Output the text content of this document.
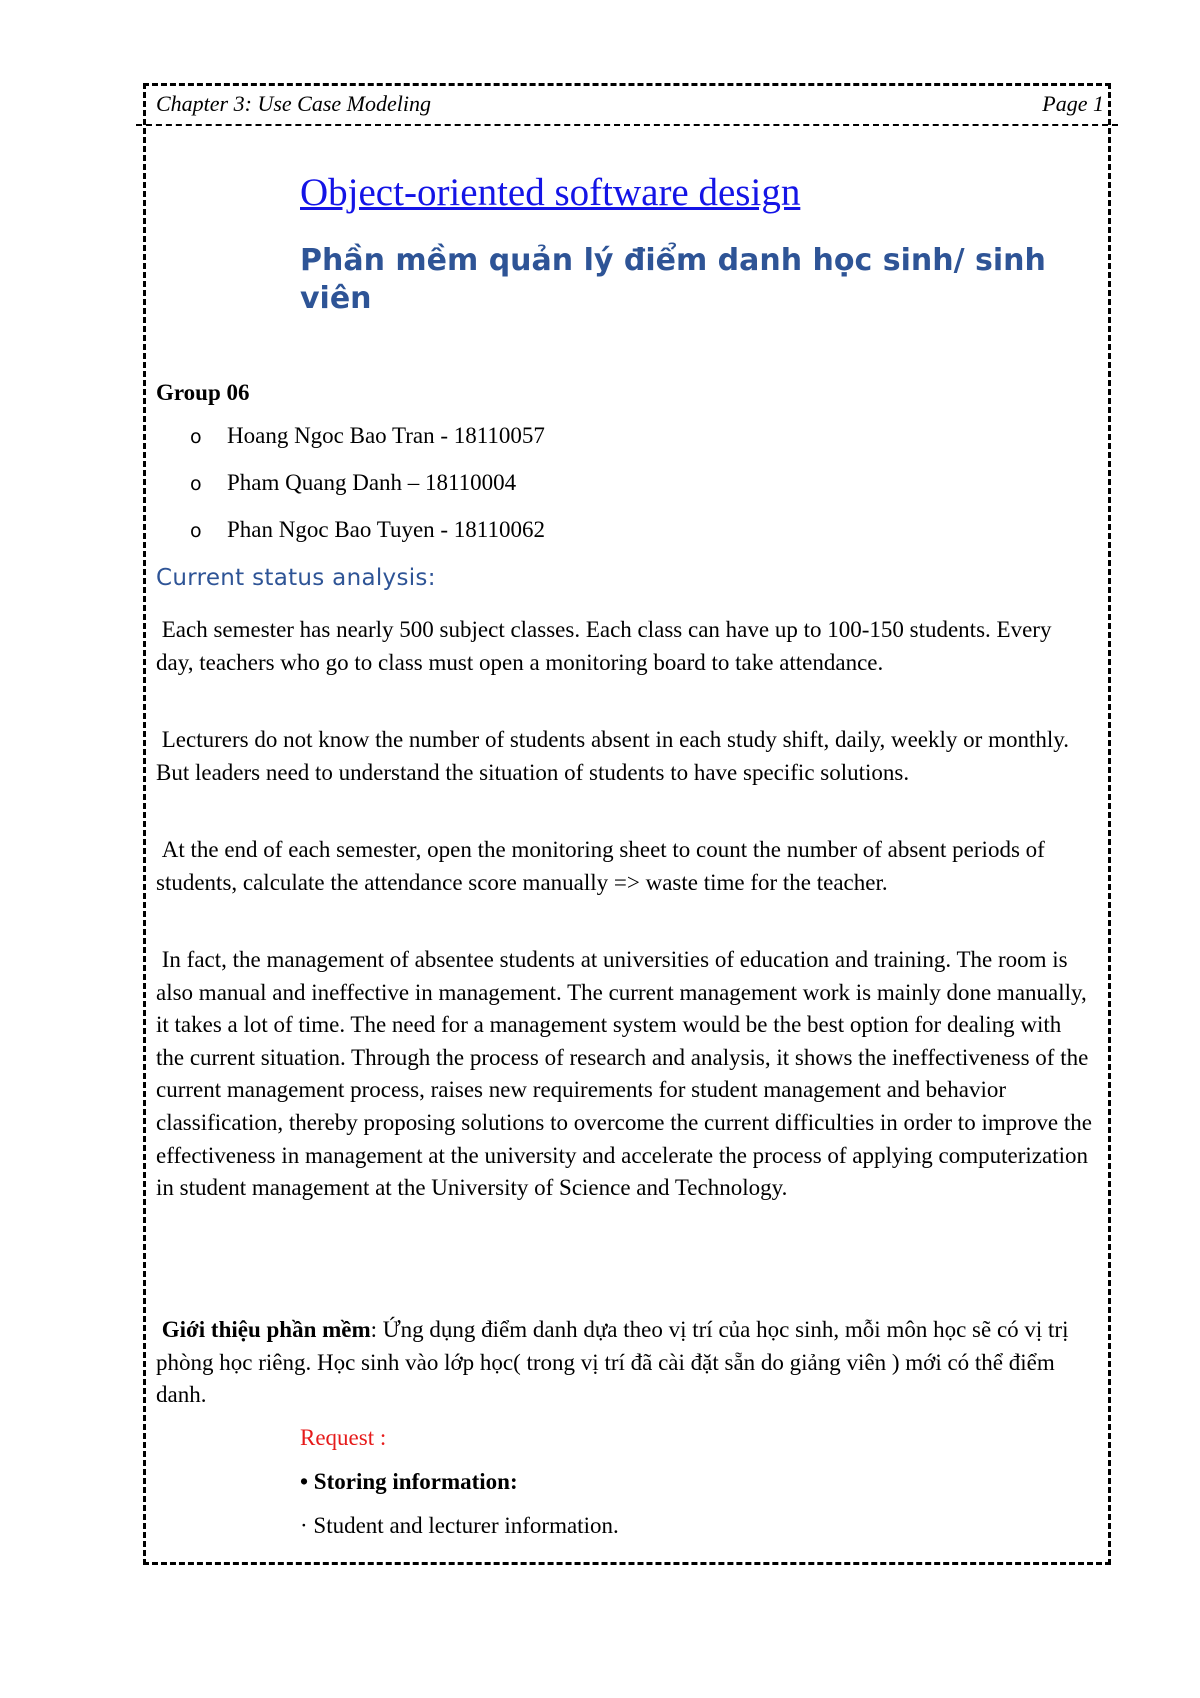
Chapter 3: Use Case Modeling	Page 1
Object-oriented software design
Phần mềm quản lý điểm danh học sinh/ sinh viên
Group 06
o	Hoang Ngoc Bao Tran - 18110057
o	Pham Quang Danh – 18110004
o	Phan Ngoc Bao Tuyen - 18110062
Current status analysis:
Each semester has nearly 500 subject classes. Each class can have up to 100-150 students. Every day, teachers who go to class must open a monitoring board to take attendance.
Lecturers do not know the number of students absent in each study shift, daily, weekly or monthly. But leaders need to understand the situation of students to have specific solutions.
At the end of each semester, open the monitoring sheet to count the number of absent periods of students, calculate the attendance score manually => waste time for the teacher.
In fact, the management of absentee students at universities of education and training. The room is also manual and ineffective in management. The current management work is mainly done manually, it takes a lot of time. The need for a management system would be the best option for dealing with the current situation. Through the process of research and analysis, it shows the ineffectiveness of the current management process, raises new requirements for student management and behavior classification, thereby proposing solutions to overcome the current difficulties in order to improve the effectiveness in management at the university and accelerate the process of applying computerization in student management at the University of Science and Technology.
Giới thiệu phần mềm: Ứng dụng điểm danh dựa theo vị trí của học sinh, mỗi môn học sẽ có vị trị phòng học riêng. Học sinh vào lớp học( trong vị trí đã cài đặt sẵn do giảng viên ) mới có thể điểm danh.
Request :
• Storing information:
· Student and lecturer information.
